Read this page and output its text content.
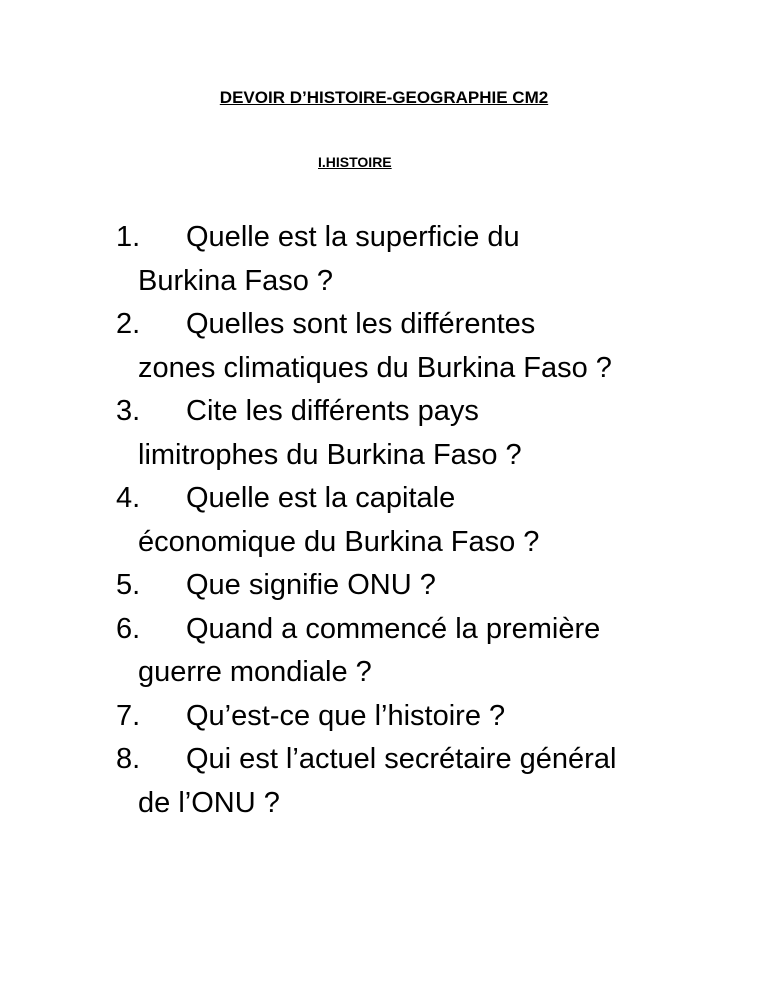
DEVOIR D’HISTOIRE-GEOGRAPHIE CM2
I.HISTOIRE
1.	Quelle est la superficie du
Burkina Faso ?
2.	Quelles sont les différentes
zones climatiques du Burkina Faso ?
3.	Cite les différents pays
limitrophes du Burkina Faso ?
4.	Quelle est la capitale
économique du Burkina Faso ?
5.	Que signifie ONU ?
6.	Quand a commencé la première
guerre mondiale ?
7.	Qu’est-ce que l’histoire ?
8.	Qui est l’actuel secrétaire général
de l’ONU ?
